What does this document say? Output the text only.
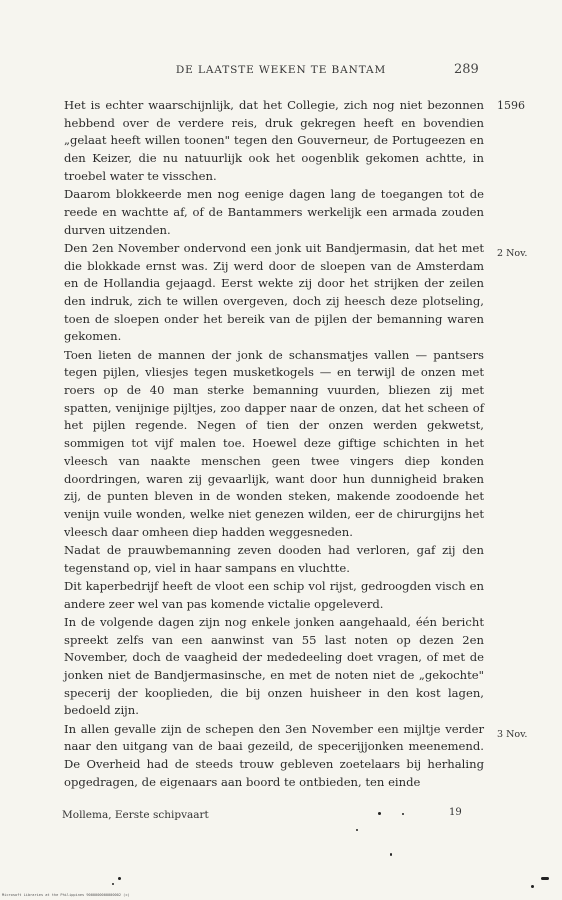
DE LAATSTE WEKEN TE BANTAM	289

Het is echter waarschijnlijk, dat het Collegie, zich nog niet bezonnen hebbend over de verdere reis, druk gekregen heeft en bovendien „gelaat heeft willen toonen" tegen den Gouverneur, de Portugeezen en den Keizer, die nu natuurlijk ook het oogenblik gekomen achtte, in troebel water te visschen.

Daarom blokkeerde men nog eenige dagen lang de toegangen tot de reede en wachtte af, of de Bantammers werkelijk een armada zouden durven uitzenden.

Den 2en November ondervond een jonk uit Bandjermasin, dat het met die blokkade ernst was. Zij werd door de sloepen van de Amsterdam en de Hollandia gejaagd. Eerst wekte zij door het strijken der zeilen den indruk, zich te willen overgeven, doch zij heesch deze plotseling, toen de sloepen onder het bereik van de pijlen der bemanning waren gekomen.

Toen lieten de mannen der jonk de schansmatjes vallen — pantsers tegen pijlen, vliesjes tegen musketkogels — en terwijl de onzen met roers op de 40 man sterke bemanning vuurden, bliezen zij met spatten, venijnige pijltjes, zoo dapper naar de onzen, dat het scheen of het pijlen regende. Negen of tien der onzen werden gekwetst, sommigen tot vijf malen toe. Hoewel deze giftige schichten in het vleesch van naakte menschen geen twee vingers diep konden doordringen, waren zij gevaarlijk, want door hun dunnigheid braken zij, de punten bleven in de wonden steken, makende zoodoende het venijn vuile wonden, welke niet genezen wilden, eer de chirurgijns het vleesch daar omheen diep hadden weggesneden.

Nadat de prauwbemanning zeven dooden had verloren, gaf zij den tegenstand op, viel in haar sampans en vluchtte.

Dit kaperbedrijf heeft de vloot een schip vol rijst, gedroogden visch en andere zeer wel van pas komende victalie opgeleverd.

In de volgende dagen zijn nog enkele jonken aangehaald, één bericht spreekt zelfs van een aanwinst van 55 last noten op dezen 2en November, doch de vaagheid der mededeeling doet vragen, of met de jonken niet de Bandjermasinsche, en met de noten niet de „gekochte" specerij der kooplieden, die bij onzen huisheer in den kost lagen, bedoeld zijn.

In allen gevalle zijn de schepen den 3en November een mijltje verder naar den uitgang van de baai gezeild, de specerijjonken meenemend. De Overheid had de steeds trouw gebleven zoetelaars bij herhaling opgedragen, de eigenaars aan boord te ontbieden, ten einde

1596
2 Nov.
3 Nov.
Mollema, Eerste schipvaart	19
Microsoft Libraries at the Philippines 9000000000000002 (c)
